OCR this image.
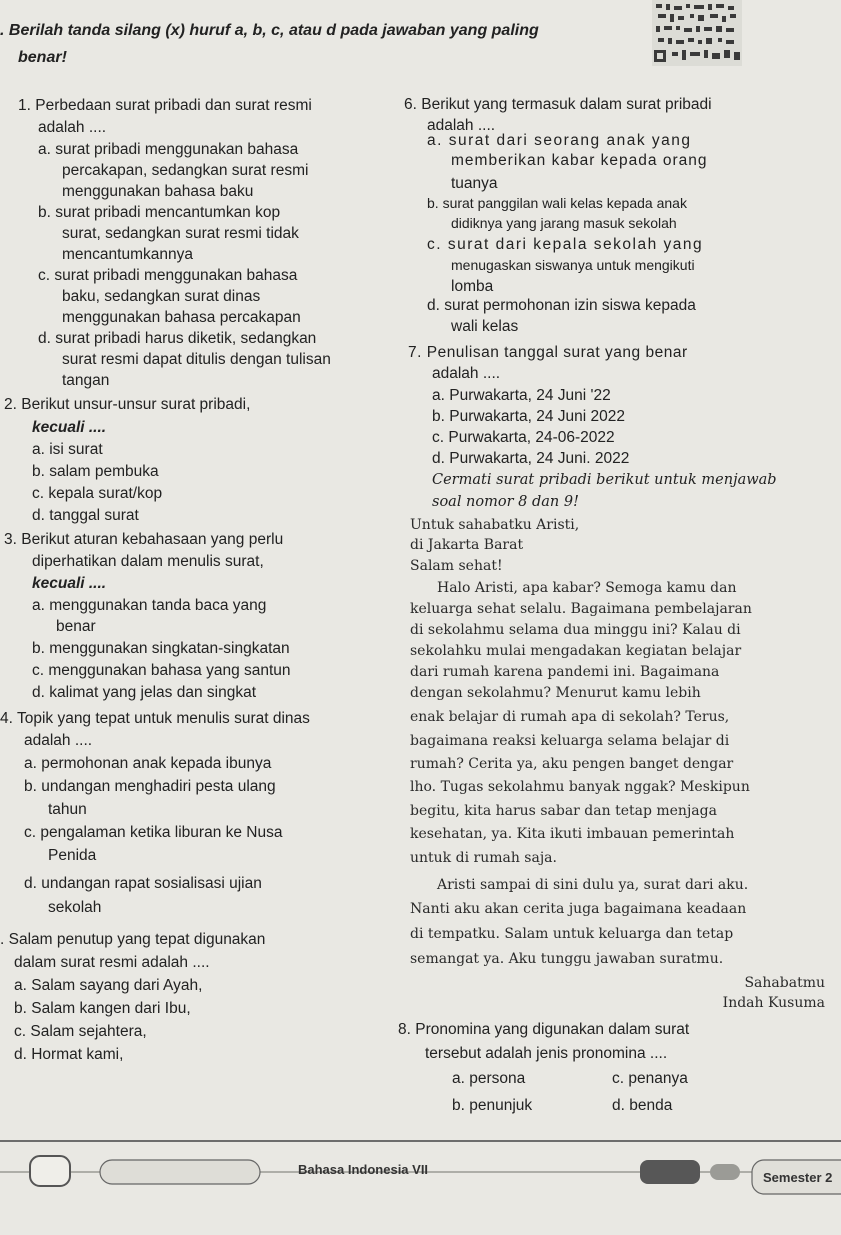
. Berilah tanda silang (x) huruf a, b, c, atau d pada jawaban yang paling
benar!
1. Perbedaan surat pribadi dan surat resmi
adalah ....
a. surat pribadi menggunakan bahasa
percakapan, sedangkan surat resmi
menggunakan bahasa baku
b. surat pribadi mencantumkan kop
surat, sedangkan surat resmi tidak
mencantumkannya
c. surat pribadi menggunakan bahasa
baku, sedangkan surat dinas
menggunakan bahasa percakapan
d. surat pribadi harus diketik, sedangkan
surat resmi dapat ditulis dengan tulisan
tangan
2. Berikut unsur-unsur surat pribadi,
kecuali ....
a. isi surat
b. salam pembuka
c. kepala surat/kop
d. tanggal surat
3. Berikut aturan kebahasaan yang perlu
diperhatikan dalam menulis surat,
kecuali ....
a. menggunakan tanda baca yang
benar
b. menggunakan singkatan-singkatan
c. menggunakan bahasa yang santun
d. kalimat yang jelas dan singkat
4. Topik yang tepat untuk menulis surat dinas
adalah ....
a. permohonan anak kepada ibunya
b. undangan menghadiri pesta ulang
tahun
c. pengalaman ketika liburan ke Nusa
Penida
d. undangan rapat sosialisasi ujian
sekolah
. Salam penutup yang tepat digunakan
dalam surat resmi adalah ....
a. Salam sayang dari Ayah,
b. Salam kangen dari Ibu,
c. Salam sejahtera,
d. Hormat kami,
6. Berikut yang termasuk dalam surat pribadi
adalah ....
a. surat dari seorang anak yang
memberikan kabar kepada orang
tuanya
b. surat panggilan wali kelas kepada anak
didiknya yang jarang masuk sekolah
c. surat dari kepala sekolah yang
menugaskan siswanya untuk mengikuti
lomba
d. surat permohonan izin siswa kepada
wali kelas
7. Penulisan tanggal surat yang benar
adalah ....
a. Purwakarta, 24 Juni '22
b. Purwakarta, 24 Juni 2022
c. Purwakarta, 24-06-2022
d. Purwakarta, 24 Juni. 2022
Cermati surat pribadi berikut untuk menjawab
soal nomor 8 dan 9!
Untuk sahabatku Aristi,
di Jakarta Barat
Salam sehat!
Halo Aristi, apa kabar? Semoga kamu dan
keluarga sehat selalu. Bagaimana pembelajaran
di sekolahmu selama dua minggu ini? Kalau di
sekolahku mulai mengadakan kegiatan belajar
dari rumah karena pandemi ini. Bagaimana
dengan sekolahmu? Menurut kamu lebih
enak belajar di rumah apa di sekolah? Terus,
bagaimana reaksi keluarga selama belajar di
rumah? Cerita ya, aku pengen banget dengar
lho. Tugas sekolahmu banyak nggak? Meskipun
begitu, kita harus sabar dan tetap menjaga
kesehatan, ya. Kita ikuti imbauan pemerintah
untuk di rumah saja.
Aristi sampai di sini dulu ya, surat dari aku.
Nanti aku akan cerita juga bagaimana keadaan
di tempatku. Salam untuk keluarga dan tetap
semangat ya. Aku tunggu jawaban suratmu.
Sahabatmu
Indah Kusuma
8. Pronomina yang digunakan dalam surat
tersebut adalah jenis pronomina ....
a. persona	c. penanya
b. penunjuk	d. benda
Bahasa Indonesia VII
Semester 2
